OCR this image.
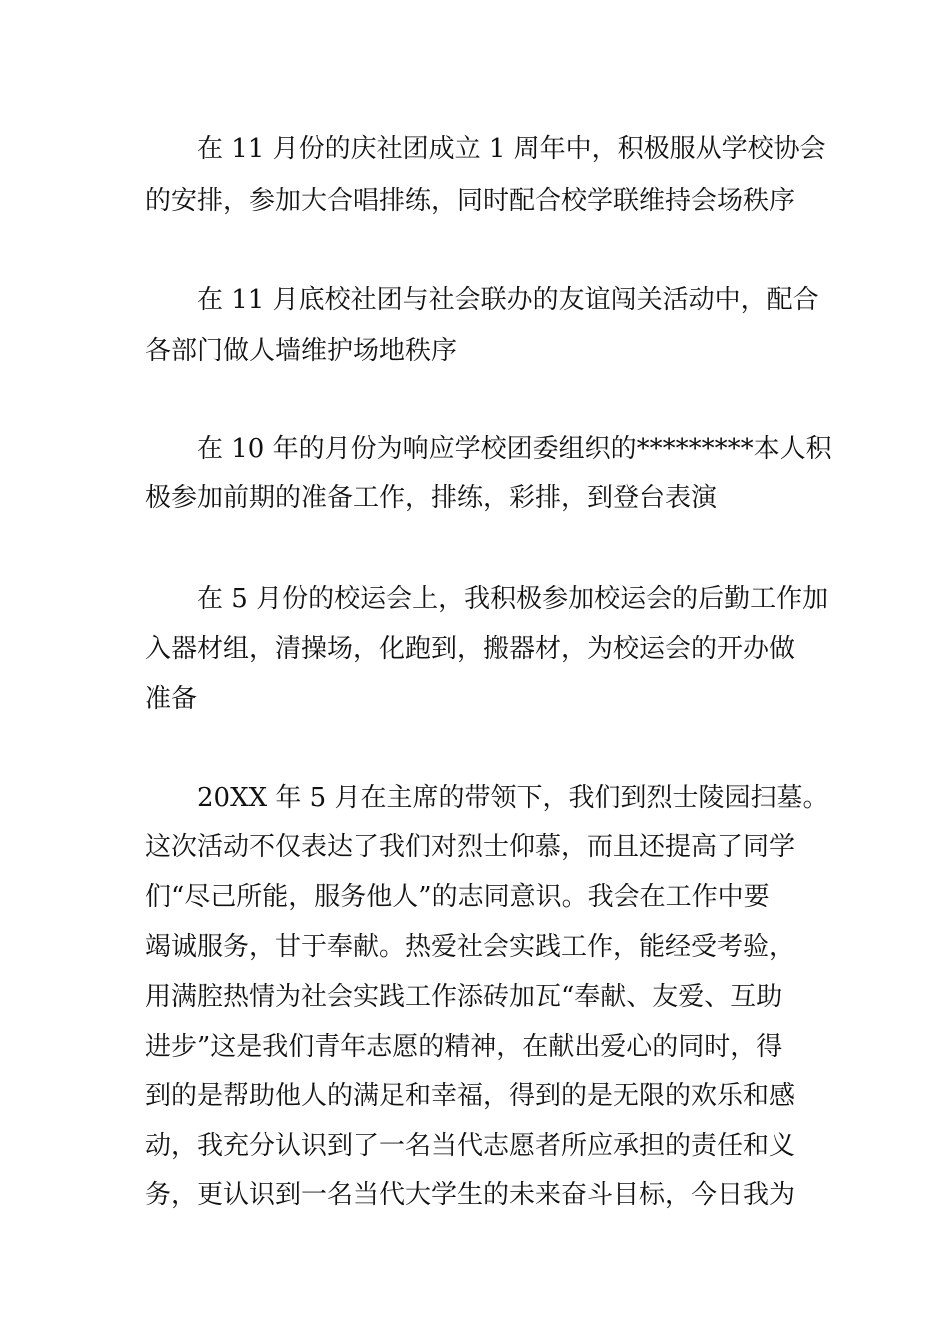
在 11 月份的庆社团成立 1 周年中，积极服从学校协会
的安排，参加大合唱排练，同时配合校学联维持会场秩序
在 11 月底校社团与社会联办的友谊闯关活动中，配合
各部门做人墙维护场地秩序
在 10 年的月份为响应学校团委组织的*********本人积
极参加前期的准备工作，排练，彩排，到登台表演
在 5 月份的校运会上，我积极参加校运会的后勤工作加
入器材组，清操场，化跑到，搬器材，为校运会的开办做
准备
20XX 年 5 月在主席的带领下，我们到烈士陵园扫墓。
这次活动不仅表达了我们对烈士仰慕，而且还提高了同学
们“尽己所能，服务他人”的志同意识。我会在工作中要
竭诚服务，甘于奉献。热爱社会实践工作，能经受考验，
用满腔热情为社会实践工作添砖加瓦“奉献、友爱、互助
进步”这是我们青年志愿的精神，在献出爱心的同时，得
到的是帮助他人的满足和幸福，得到的是无限的欢乐和感
动，我充分认识到了一名当代志愿者所应承担的责任和义
务，更认识到一名当代大学生的未来奋斗目标，今日我为
